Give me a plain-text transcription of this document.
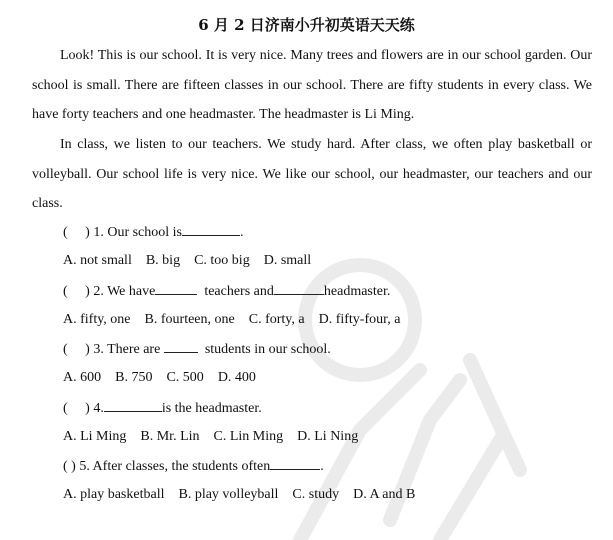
6 月 2 日济南小升初英语天天练
Look! This is our school. It is very nice. Many trees and flowers are in our school garden. Our school is small. There are fifteen classes in our school. There are fifty students in every class. We have forty teachers and one headmaster. The headmaster is Li Ming.
In class, we listen to our teachers. We study hard. After class, we often play basketball or volleyball. Our school life is very nice. We like our school, our headmaster, our teachers and our class.
(     ) 1. Our school is	.
A. not small B. big C. too big D. small
(     ) 2. We have	teachers and	headmaster.
A. fifty, one B. fourteen, one C. forty, a D. fifty-four, a
(     ) 3. There are   students in our school.
A. 600 B. 750 C. 500 D. 400
(     ) 4.	is the headmaster.
A. Li Ming B. Mr. Lin C. Lin Ming D. Li Ning
( ) 5. After classes, the students often	.
A. play basketball B. play volleyball C. study D. A and B
